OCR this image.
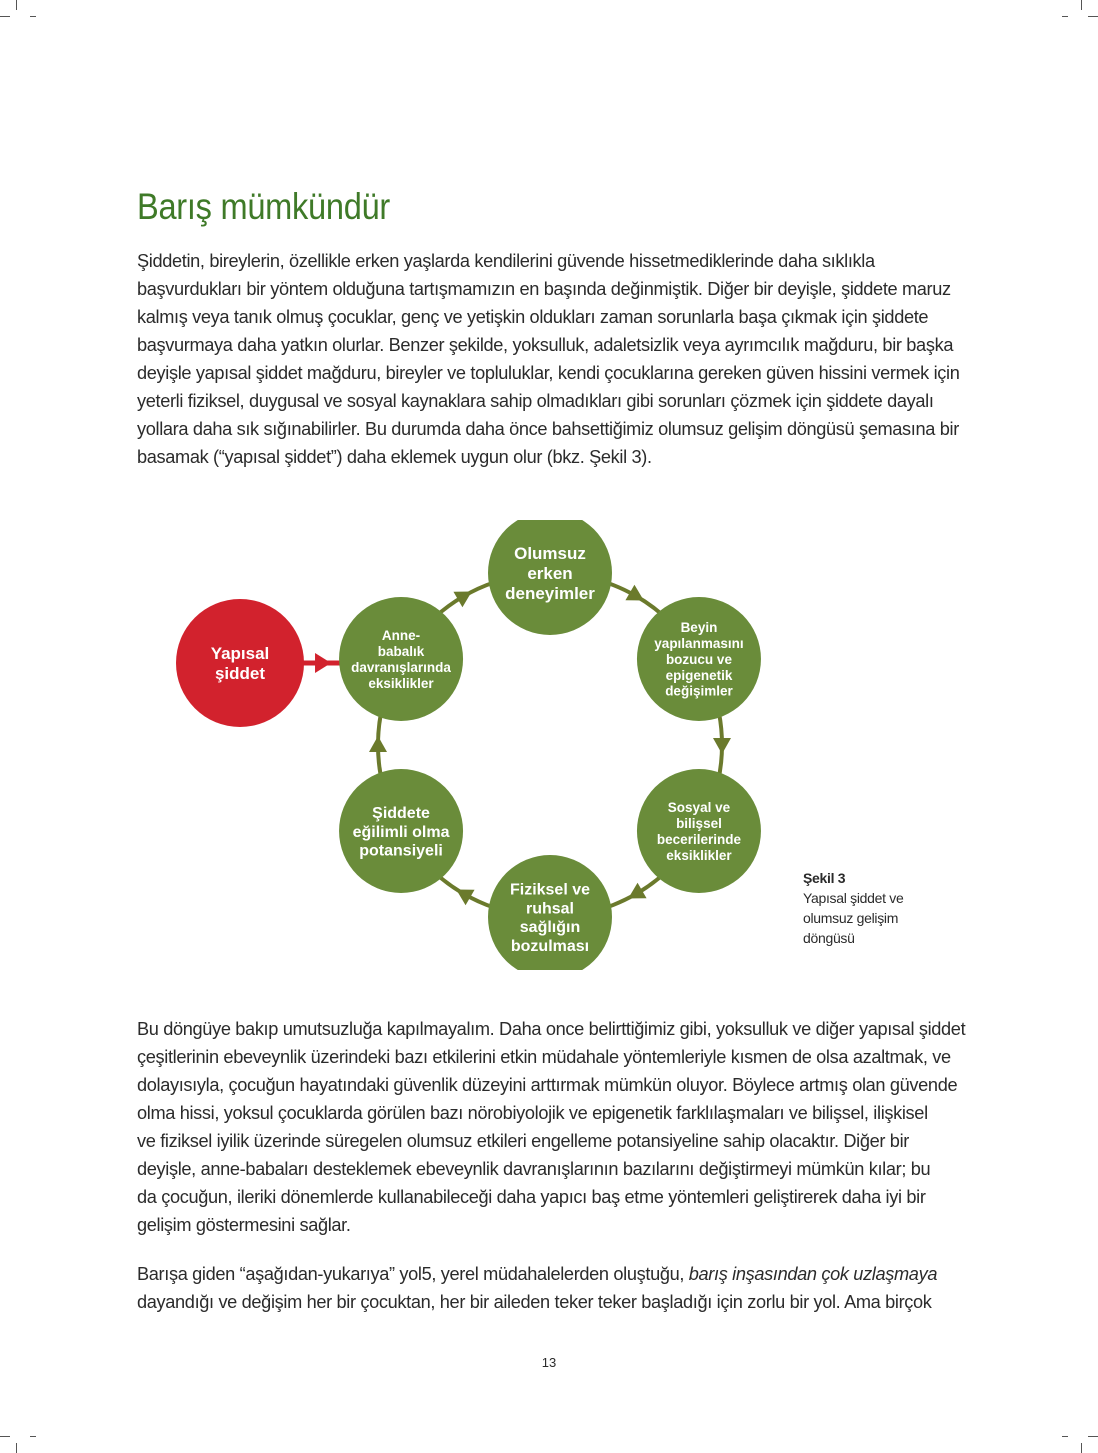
Barış mümkündür

Şiddetin, bireylerin, özellikle erken yaşlarda kendilerini güvende hissetmediklerinde daha sıklıkla
başvurdukları bir yöntem olduğuna tartışmamızın en başında değinmiştik. Diğer bir deyişle, şiddete maruz
kalmış veya tanık olmuş çocuklar, genç ve yetişkin oldukları zaman sorunlarla başa çıkmak için şiddete
başvurmaya daha yatkın olurlar. Benzer şekilde, yoksulluk, adaletsizlik veya ayrımcılık mağduru, bir başka
deyişle yapısal şiddet mağduru, bireyler ve topluluklar, kendi çocuklarına gereken güven hissini vermek için
yeterli fiziksel, duygusal ve sosyal kaynaklara sahip olmadıkları gibi sorunları çözmek için şiddete dayalı
yollara daha sık sığınabilirler. Bu durumda daha önce bahsettiğimiz olumsuz gelişim döngüsü şemasına bir
basamak (“yapısal şiddet”) daha eklemek uygun olur (bkz. Şekil 3).

Yapısal
şiddet
Olumsuz
erken
deneyimler
Beyin
yapılanmasını
bozucu ve
epigenetik
değişimler
Sosyal ve
bilişsel
becerilerinde
eksiklikler
Fiziksel ve
ruhsal
sağlığın
bozulması
Şiddete
eğilimli olma
potansiyeli
Anne-
babalık
davranışlarında
eksiklikler
Şekil 3
Yapısal şiddet ve
olumsuz gelişim
döngüsü

Bu döngüye bakıp umutsuzluğa kapılmayalım. Daha once belirttiğimiz gibi, yoksulluk ve diğer yapısal şiddet
çeşitlerinin ebeveynlik üzerindeki bazı etkilerini etkin müdahale yöntemleriyle kısmen de olsa azaltmak, ve
dolayısıyla, çocuğun hayatındaki güvenlik düzeyini arttırmak mümkün oluyor. Böylece artmış olan güvende
olma hissi, yoksul çocuklarda görülen bazı nörobiyolojik ve epigenetik farklılaşmaları ve bilişsel, ilişkisel
ve fiziksel iyilik üzerinde süregelen olumsuz etkileri engelleme potansiyeline sahip olacaktır. Diğer bir
deyişle, anne-babaları desteklemek ebeveynlik davranışlarının bazılarını değiştirmeyi mümkün kılar; bu
da çocuğun, ileriki dönemlerde kullanabileceği daha yapıcı baş etme yöntemleri geliştirerek daha iyi bir
gelişim göstermesini sağlar.

Barışa giden “aşağıdan-yukarıya” yol5, yerel müdahalelerden oluştuğu, barış inşasından çok uzlaşmaya
dayandığı ve değişim her bir çocuktan, her bir aileden teker teker başladığı için zorlu bir yol. Ama birçok

13
